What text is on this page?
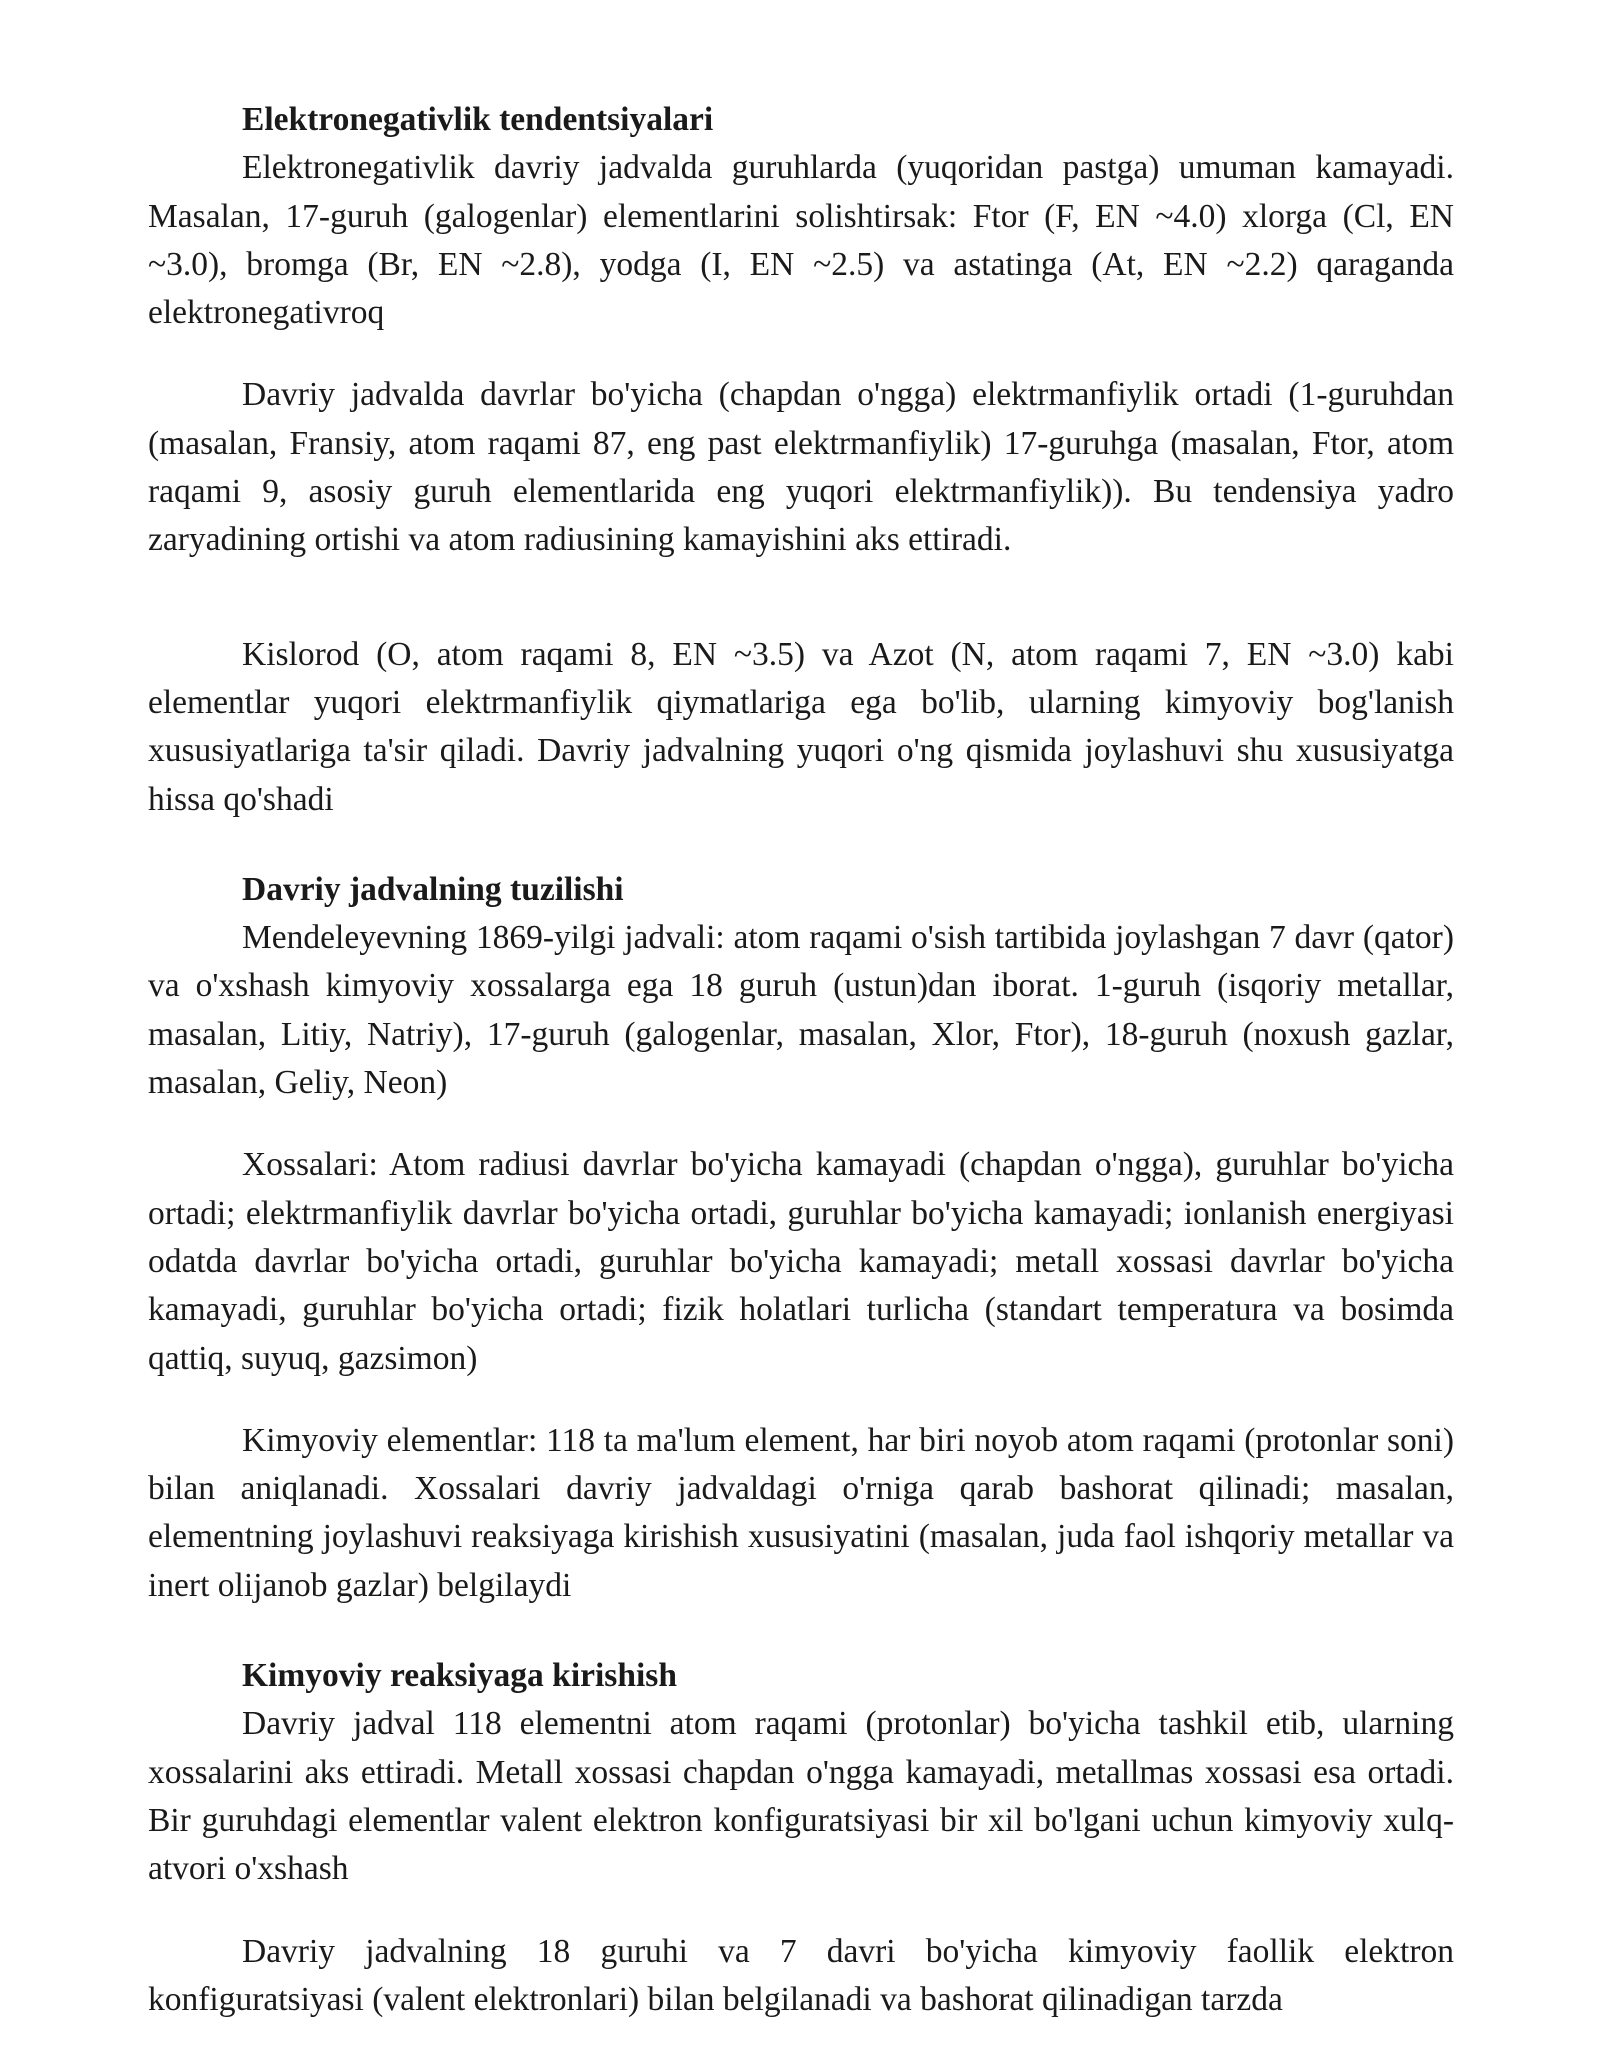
Elektronegativlik tendentsiyalari

Elektronegativlik davriy jadvalda guruhlarda (yuqoridan pastga) umuman kamayadi. Masalan, 17-guruh (galogenlar) elementlarini solishtirsak: Ftor (F, EN ~4.0) xlorga (Cl, EN ~3.0), bromga (Br, EN ~2.8), yodga (I, EN ~2.5) va astatinga (At, EN ~2.2) qaraganda elektronegativroq

Davriy jadvalda davrlar bo'yicha (chapdan o'ngga) elektrmanfiylik ortadi (1-guruhdan (masalan, Fransiy, atom raqami 87, eng past elektrmanfiylik) 17-guruhga (masalan, Ftor, atom raqami 9, asosiy guruh elementlarida eng yuqori elektrmanfiylik)). Bu tendensiya yadro zaryadining ortishi va atom radiusining kamayishini aks ettiradi.

Kislorod (O, atom raqami 8, EN ~3.5) va Azot (N, atom raqami 7, EN ~3.0) kabi elementlar yuqori elektrmanfiylik qiymatlariga ega bo'lib, ularning kimyoviy bog'lanish xususiyatlariga ta'sir qiladi. Davriy jadvalning yuqori o'ng qismida joylashuvi shu xususiyatga hissa qo'shadi

Davriy jadvalning tuzilishi

Mendeleyevning 1869-yilgi jadvali: atom raqami o'sish tartibida joylashgan 7 davr (qator) va o'xshash kimyoviy xossalarga ega 18 guruh (ustun)dan iborat. 1-guruh (isqoriy metallar, masalan, Litiy, Natriy), 17-guruh (galogenlar, masalan, Xlor, Ftor), 18-guruh (noxush gazlar, masalan, Geliy, Neon)

Xossalari: Atom radiusi davrlar bo'yicha kamayadi (chapdan o'ngga), guruhlar bo'yicha ortadi; elektrmanfiylik davrlar bo'yicha ortadi, guruhlar bo'yicha kamayadi; ionlanish energiyasi odatda davrlar bo'yicha ortadi, guruhlar bo'yicha kamayadi; metall xossasi davrlar bo'yicha kamayadi, guruhlar bo'yicha ortadi; fizik holatlari turlicha (standart temperatura va bosimda qattiq, suyuq, gazsimon)

Kimyoviy elementlar: 118 ta ma'lum element, har biri noyob atom raqami (protonlar soni) bilan aniqlanadi. Xossalari davriy jadvaldagi o'rniga qarab bashorat qilinadi; masalan, elementning joylashuvi reaksiyaga kirishish xususiyatini (masalan, juda faol ishqoriy metallar va inert olijanob gazlar) belgilaydi

Kimyoviy reaksiyaga kirishish

Davriy jadval 118 elementni atom raqami (protonlar) bo'yicha tashkil etib, ularning xossalarini aks ettiradi. Metall xossasi chapdan o'ngga kamayadi, metallmas xossasi esa ortadi. Bir guruhdagi elementlar valent elektron konfiguratsiyasi bir xil bo'lgani uchun kimyoviy xulq-atvori o'xshash

Davriy jadvalning 18 guruhi va 7 davri bo'yicha kimyoviy faollik elektron konfiguratsiyasi (valent elektronlari) bilan belgilanadi va bashorat qilinadigan tarzda
